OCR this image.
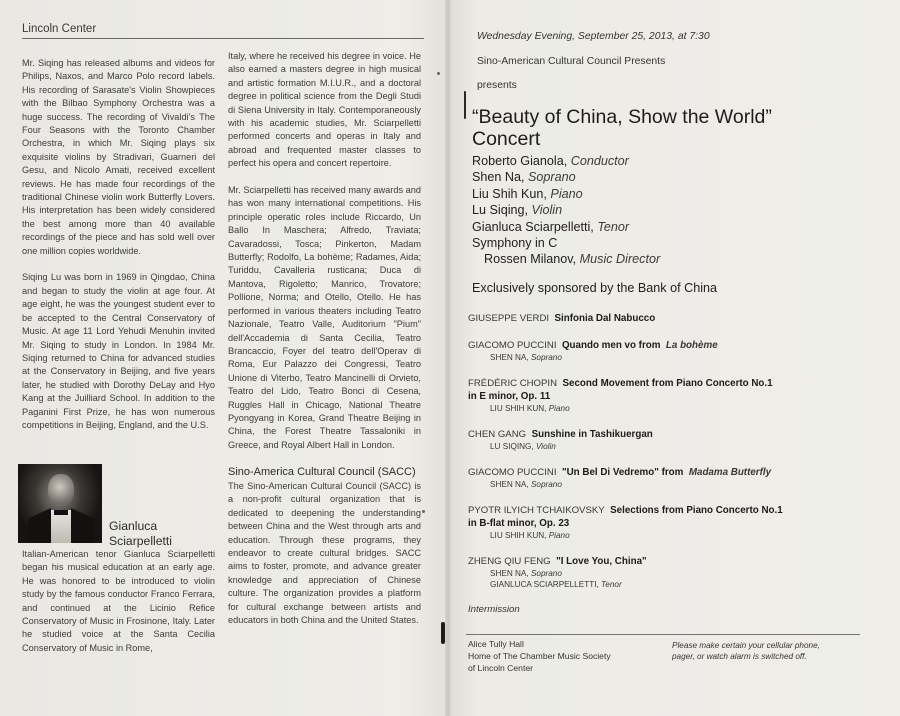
Lincoln Center

Mr. Siqing has released albums and videos for Philips, Naxos, and Marco Polo record labels. His recording of Sarasate's Violin Showpieces with the Bilbao Symphony Orchestra was a huge success. The recording of Vivaldi's The Four Seasons with the Toronto Chamber Orchestra, in which Mr. Siqing plays six exquisite violins by Stradivari, Guarneri del Gesu, and Nicolo Amati, received excellent reviews. He has made four recordings of the traditional Chinese violin work Butterfly Lovers. His interpretation has been widely considered the best among more than 40 available recordings of the piece and has sold well over one million copies worldwide.

Siqing Lu was born in 1969 in Qingdao, China and began to study the violin at age four. At age eight, he was the youngest student ever to be accepted to the Central Conservatory of Music. At age 11 Lord Yehudi Menuhin invited Mr. Siqing to study in London. In 1984 Mr. Siqing returned to China for advanced studies at the Conservatory in Beijing, and five years later, he studied with Dorothy DeLay and Hyo Kang at the Juilliard School. In addition to the Paganini First Prize, he has won numerous competitions in Beijing, England, and the U.S.

Gianluca
Sciarpelletti

Italian-American tenor Gianluca Sciarpelletti began his musical education at an early age. He was honored to be introduced to violin study by the famous conductor Franco Ferrara, and continued at the Licinio Refice Conservatory of Music in Frosinone, Italy. Later he studied voice at the Santa Cecilia Conservatory of Music in Rome,

Italy, where he received his degree in voice. He also earned a masters degree in high musical and artistic formation M.I.U.R., and a doctoral degree in political science from the Degli Studi di Siena University in Italy. Contemporaneously with his academic studies, Mr. Sciarpelletti performed concerts and operas in Italy and abroad and frequented master classes to perfect his opera and concert repertoire.

Mr. Sciarpelletti has received many awards and has won many international competitions. His principle operatic roles include Riccardo, Un Ballo In Maschera; Alfredo, Traviata; Cavaradossi, Tosca; Pinkerton, Madam Butterfly; Rodolfo, La bohème; Radames, Aida; Turiddu, Cavalleria rusticana; Duca di Mantova, Rigoletto; Manrico, Trovatore; Pollione, Norma; and Otello, Otello. He has performed in various theaters including Teatro Nazionale, Teatro Valle, Auditorium "Pium" dell'Accademia di Santa Cecilia, Teatro Brancaccio, Foyer del teatro dell'Operav di Roma, Eur Palazzo dei Congressi, Teatro Unione di Viterbo, Teatro Mancinelli di Orvieto, Teatro del Lido, Teatro Bonci di Cesena, Ruggles Hall in Chicago, National Theatre Pyongyang in Korea, Grand Theatre Beijing in China, the Forest Theatre Tassaloniki in Greece, and Royal Albert Hall in London.

Sino-America Cultural Council (SACC)

The Sino-American Cultural Council (SACC) is a non-profit cultural organization that is dedicated to deepening the understanding between China and the West through arts and education. Through these programs, they endeavor to create cultural bridges. SACC aims to foster, promote, and advance greater knowledge and appreciation of Chinese culture. The organization provides a platform for cultural exchange between artists and educators in both China and the United States.

Wednesday Evening, September 25, 2013, at 7:30
Sino-American Cultural Council Presents
presents
“Beauty of China, Show the World”
Concert
Roberto Gianola, Conductor
Shen Na, Soprano
Liu Shih Kun, Piano
Lu Siqing, Violin
Gianluca Sciarpelletti, Tenor
Symphony in C
Rossen Milanov, Music Director
Exclusively sponsored by the Bank of China
GIUSEPPE VERDI Sinfonia Dal Nabucco
GIACOMO PUCCINI Quando men vo from La bohème
SHEN NA, Soprano
FRÉDÉRIC CHOPIN Second Movement from Piano Concerto No.1
in E minor, Op. 11
LIU SHIH KUN, Piano
CHEN GANG Sunshine in Tashikuergan
LU SIQING, Violin
GIACOMO PUCCINI "Un Bel Di Vedremo" from Madama Butterfly
SHEN NA, Soprano
PYOTR ILYICH TCHAIKOVSKY Selections from Piano Concerto No.1
in B-flat minor, Op. 23
LIU SHIH KUN, Piano
ZHENG QIU FENG "I Love You, China"
SHEN NA, Soprano
GIANLUCA SCIARPELLETTI, Tenor
Intermission
Alice Tully Hall
Home of The Chamber Music Society
of Lincoln Center
Please make certain your cellular phone,
pager, or watch alarm is switched off.
